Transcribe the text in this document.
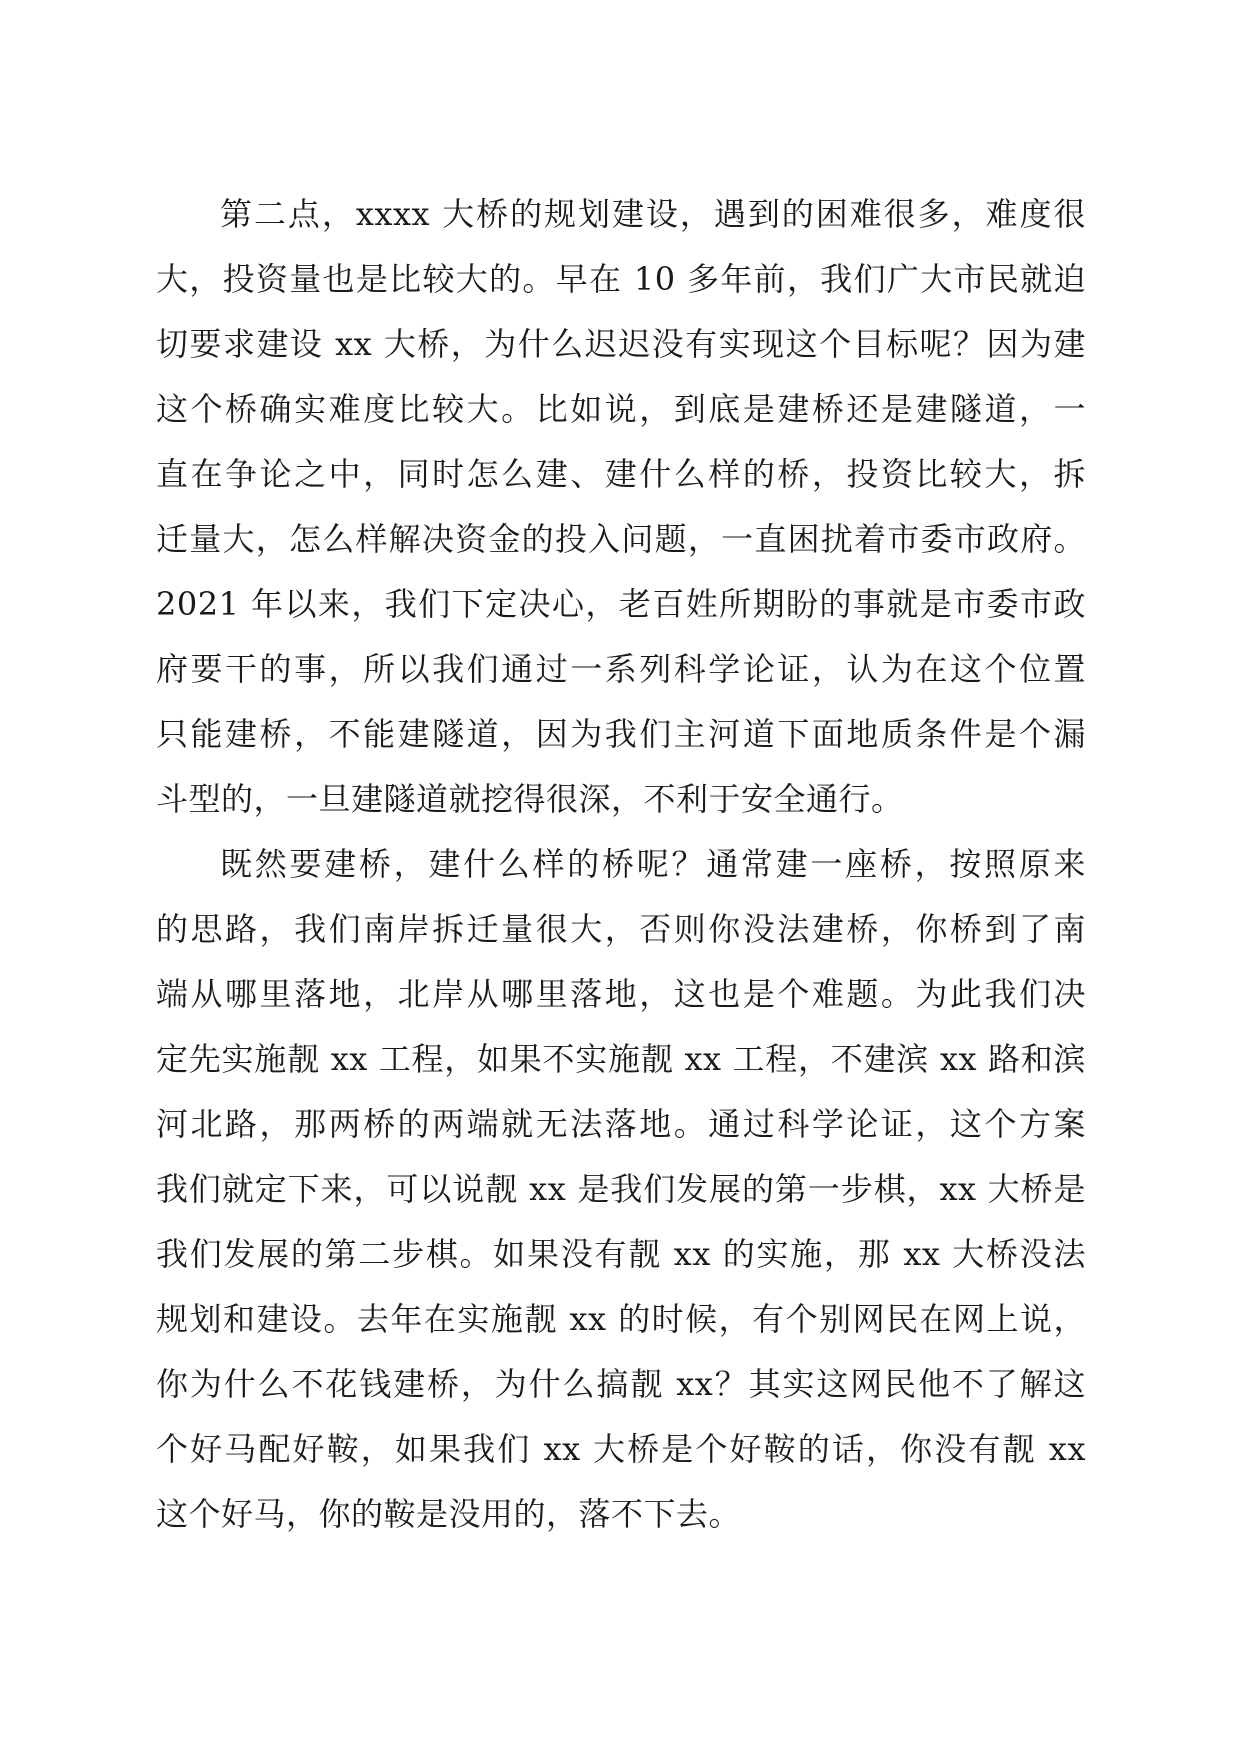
第二点，xxxx 大桥的规划建设，遇到的困难很多，难度很
大，投资量也是比较大的。早在 10 多年前，我们广大市民就迫
切要求建设 xx 大桥，为什么迟迟没有实现这个目标呢？因为建
这个桥确实难度比较大。比如说，到底是建桥还是建隧道，一
直在争论之中，同时怎么建、建什么样的桥，投资比较大，拆
迁量大，怎么样解决资金的投入问题，一直困扰着市委市政府。
2021 年以来，我们下定决心，老百姓所期盼的事就是市委市政
府要干的事，所以我们通过一系列科学论证，认为在这个位置
只能建桥，不能建隧道，因为我们主河道下面地质条件是个漏
斗型的，一旦建隧道就挖得很深，不利于安全通行。
既然要建桥，建什么样的桥呢？通常建一座桥，按照原来
的思路，我们南岸拆迁量很大，否则你没法建桥，你桥到了南
端从哪里落地，北岸从哪里落地，这也是个难题。为此我们决
定先实施靓 xx 工程，如果不实施靓 xx 工程，不建滨 xx 路和滨
河北路，那两桥的两端就无法落地。通过科学论证，这个方案
我们就定下来，可以说靓 xx 是我们发展的第一步棋，xx 大桥是
我们发展的第二步棋。如果没有靓 xx 的实施，那 xx 大桥没法
规划和建设。去年在实施靓 xx 的时候，有个别网民在网上说，
你为什么不花钱建桥，为什么搞靓 xx？其实这网民他不了解这
个好马配好鞍，如果我们 xx 大桥是个好鞍的话，你没有靓 xx
这个好马，你的鞍是没用的，落不下去。
